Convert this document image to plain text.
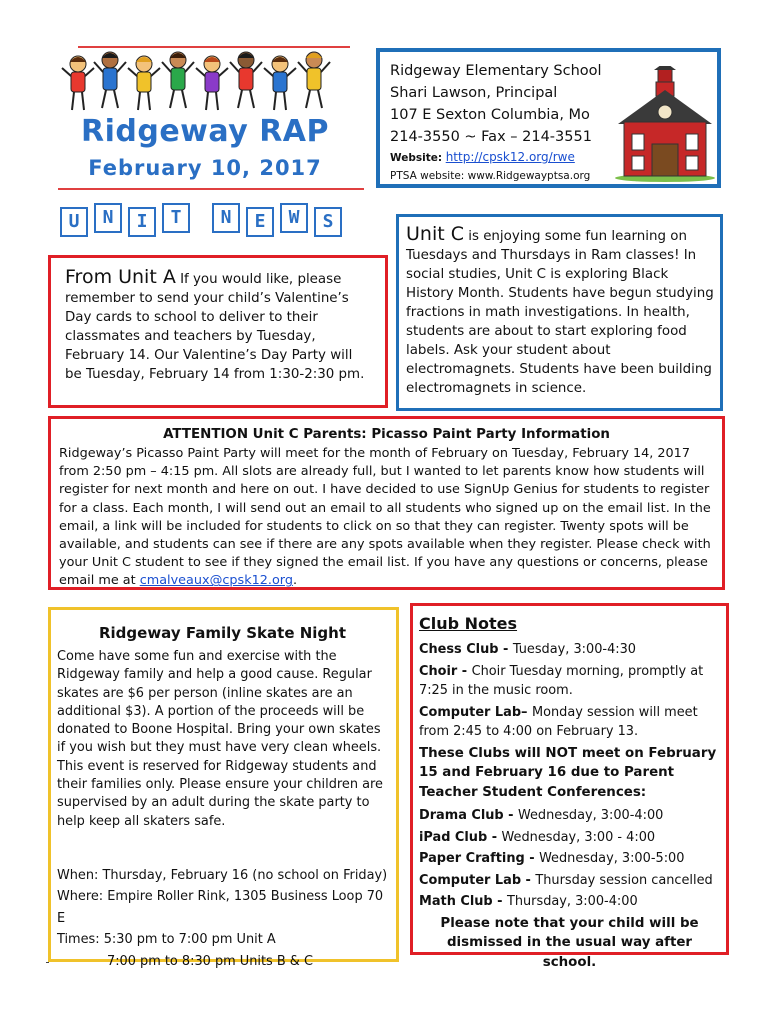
Ridgeway RAP
February 10, 2017
Ridgeway Elementary School
Shari Lawson, Principal
107 E Sexton Columbia, Mo
214-3550 ~ Fax – 214-3551
Website: http://cpsk12.org/rwe
PTSA website: www.Ridgewayptsa.org
U	N	I	T	N	E	W	S

From Unit A If you would like, please remember to send your child’s Valentine’s Day cards to school to deliver to their classmates and teachers by Tuesday, February 14. Our Valentine’s Day Party will be Tuesday, February 14 from 1:30-2:30 pm.

Unit C is enjoying some fun learning on Tuesdays and Thursdays in Ram classes! In social studies, Unit C is exploring Black History Month. Students have begun studying fractions in math investigations. In health, students are about to start exploring food labels. Ask your student about electromagnets. Students have been building electromagnets in science.

ATTENTION Unit C Parents: Picasso Paint Party Information
Ridgeway’s Picasso Paint Party will meet for the month of February on Tuesday, February 14, 2017 from 2:50 pm – 4:15 pm. All slots are already full, but I wanted to let parents know how students will register for next month and here on out. I have decided to use SignUp Genius for students to register for a class. Each month, I will send out an email to all students who signed up on the email list. In the email, a link will be included for students to click on so that they can register. Twenty spots will be available, and students can see if there are any spots available when they register. Please check with your Unit C student to see if they signed the email list. If you have any questions or concerns, please email me at cmalveaux@cpsk12.org.
Ridgeway Family Skate Night

Come have some fun and exercise with the Ridgeway family and help a good cause. Regular skates are $6 per person (inline skates are an additional $3). A portion of the proceeds will be donated to Boone Hospital. Bring your own skates if you wish but they must have very clean wheels. This event is reserved for Ridgeway students and their families only. Please ensure your children are supervised by an adult during the skate party to help keep all skaters safe.

When: Thursday, February 16 (no school on Friday)
Where: Empire Roller Rink, 1305 Business Loop 70 E
Times: 5:30 pm to 7:00 pm Unit A
7:00 pm to 8:30 pm Units B & C
Club Notes
Chess Club - Tuesday, 3:00-4:30
Choir - Choir Tuesday morning, promptly at 7:25 in the music room.
Computer Lab– Monday session will meet from 2:45 to 4:00 on February 13.
These Clubs will NOT meet on February 15 and February 16 due to Parent Teacher Student Conferences:
Drama Club - Wednesday, 3:00-4:00
iPad Club - Wednesday, 3:00 - 4:00
Paper Crafting - Wednesday, 3:00-5:00
Computer Lab - Thursday session cancelled
Math Club - Thursday, 3:00-4:00
Please note that your child will be dismissed in the usual way after school.
